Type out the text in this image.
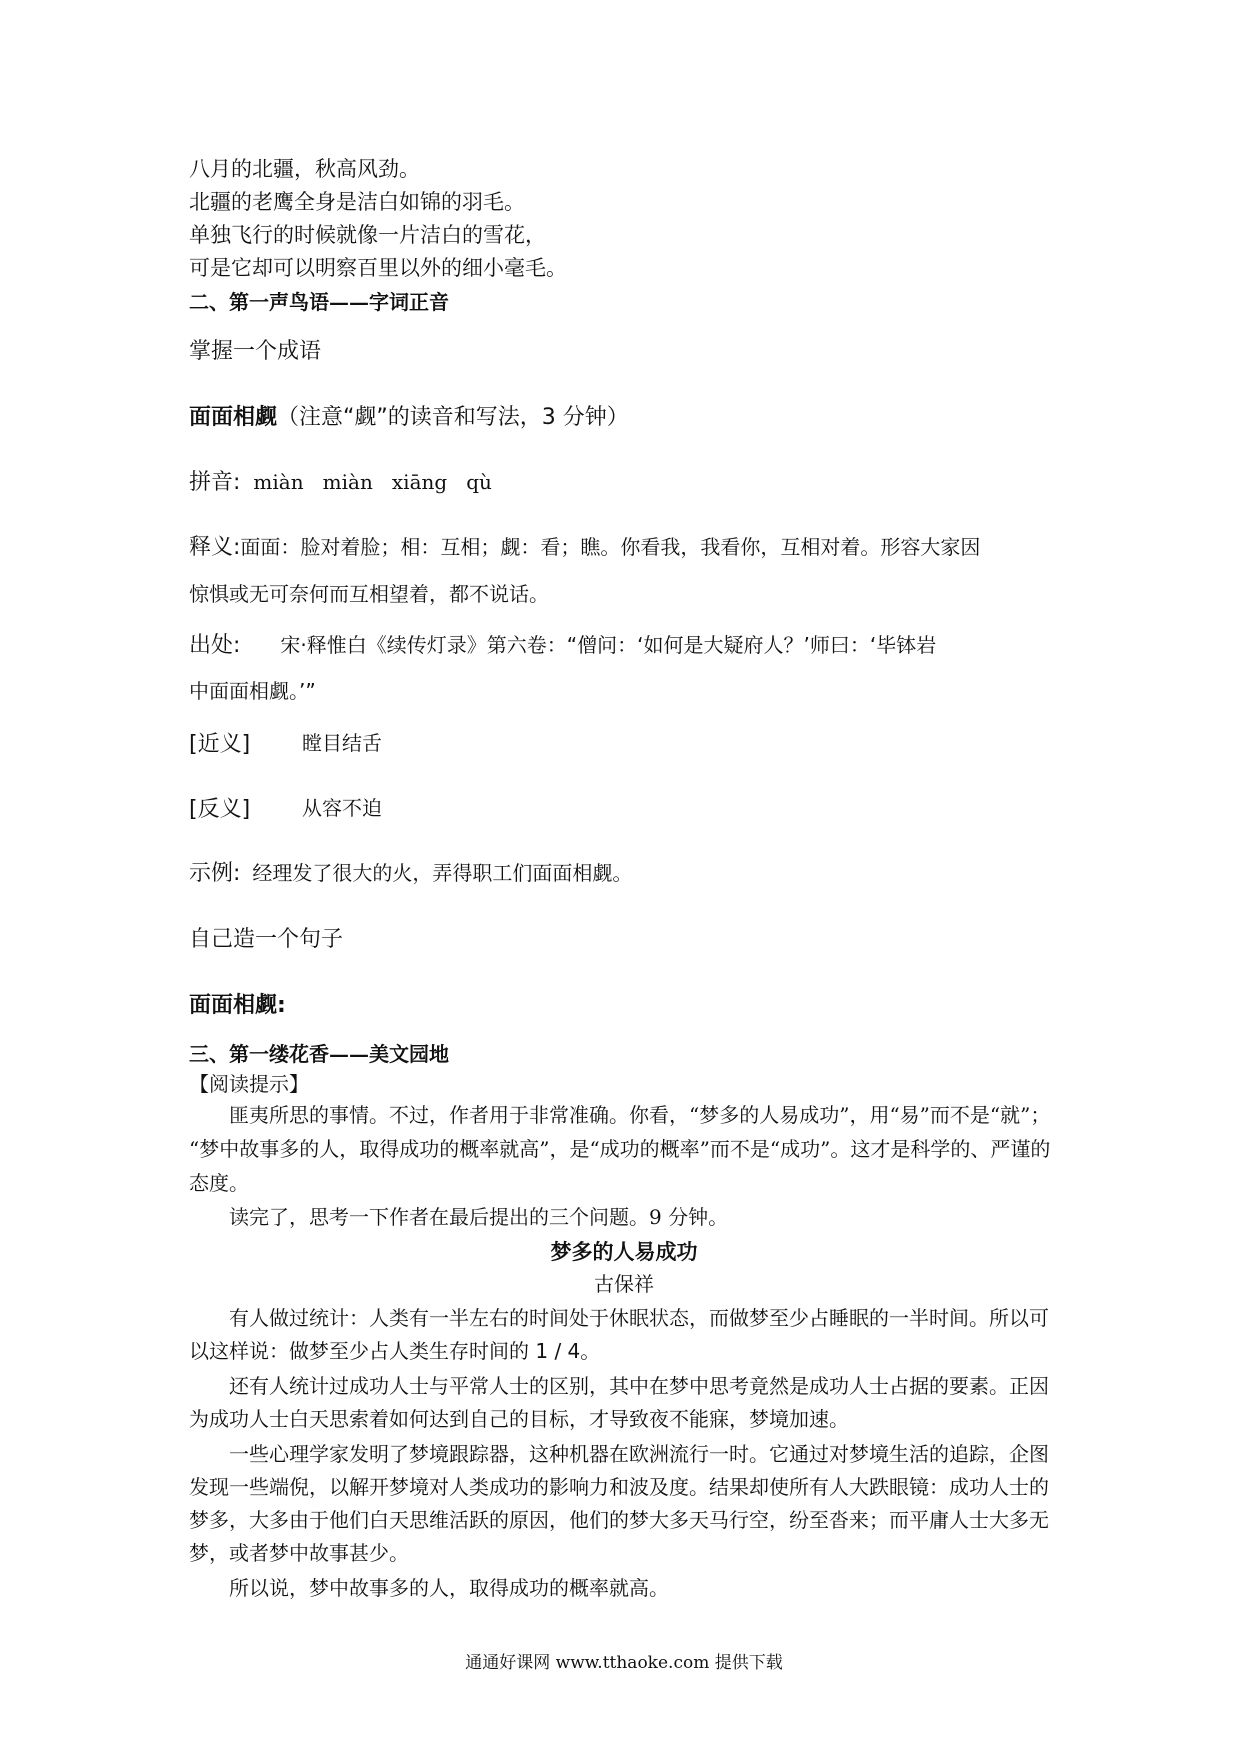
八月的北疆，秋高风劲。
北疆的老鹰全身是洁白如锦的羽毛。
单独飞行的时候就像一片洁白的雪花，
可是它却可以明察百里以外的细小毫毛。
二、第一声鸟语——字词正音
掌握一个成语
面面相觑（注意“觑”的读音和写法，3 分钟）
拼音: miàn   miàn   xiāng   qù
释义:面面：脸对着脸；相：互相；觑：看；瞧。你看我，我看你，互相对着。形容大家因
惊惧或无可奈何而互相望着，都不说话。
出处: 宋·释惟白《续传灯录》第六卷：“僧问：‘如何是大疑府人？’师曰：‘毕钵岩
中面面相觑。’”
[近义]	瞠目结舌
[反义]	从容不迫
示例: 经理发了很大的火，弄得职工们面面相觑。
自己造一个句子
面面相觑:
三、第一缕花香——美文园地
【阅读提示】
匪夷所思的事情。不过，作者用于非常准确。你看，“梦多的人易成功”，用“易”而不是“就”； “梦中故事多的人，取得成功的概率就高”，是“成功的概率”而不是“成功”。这才是科学的、严谨的态度。
读完了，思考一下作者在最后提出的三个问题。9 分钟。
梦多的人易成功
古保祥
有人做过统计：人类有一半左右的时间处于休眠状态，而做梦至少占睡眠的一半时间。所以可以这样说：做梦至少占人类生存时间的 1 / 4。
还有人统计过成功人士与平常人士的区别，其中在梦中思考竟然是成功人士占据的要素。正因为成功人士白天思索着如何达到自己的目标，才导致夜不能寐，梦境加速。
一些心理学家发明了梦境跟踪器，这种机器在欧洲流行一时。它通过对梦境生活的追踪，企图发现一些端倪，以解开梦境对人类成功的影响力和波及度。结果却使所有人大跌眼镜：成功人士的梦多，大多由于他们白天思维活跃的原因，他们的梦大多天马行空，纷至沓来；而平庸人士大多无梦，或者梦中故事甚少。
所以说，梦中故事多的人，取得成功的概率就高。
通通好课网 www.tthaoke.com 提供下载
